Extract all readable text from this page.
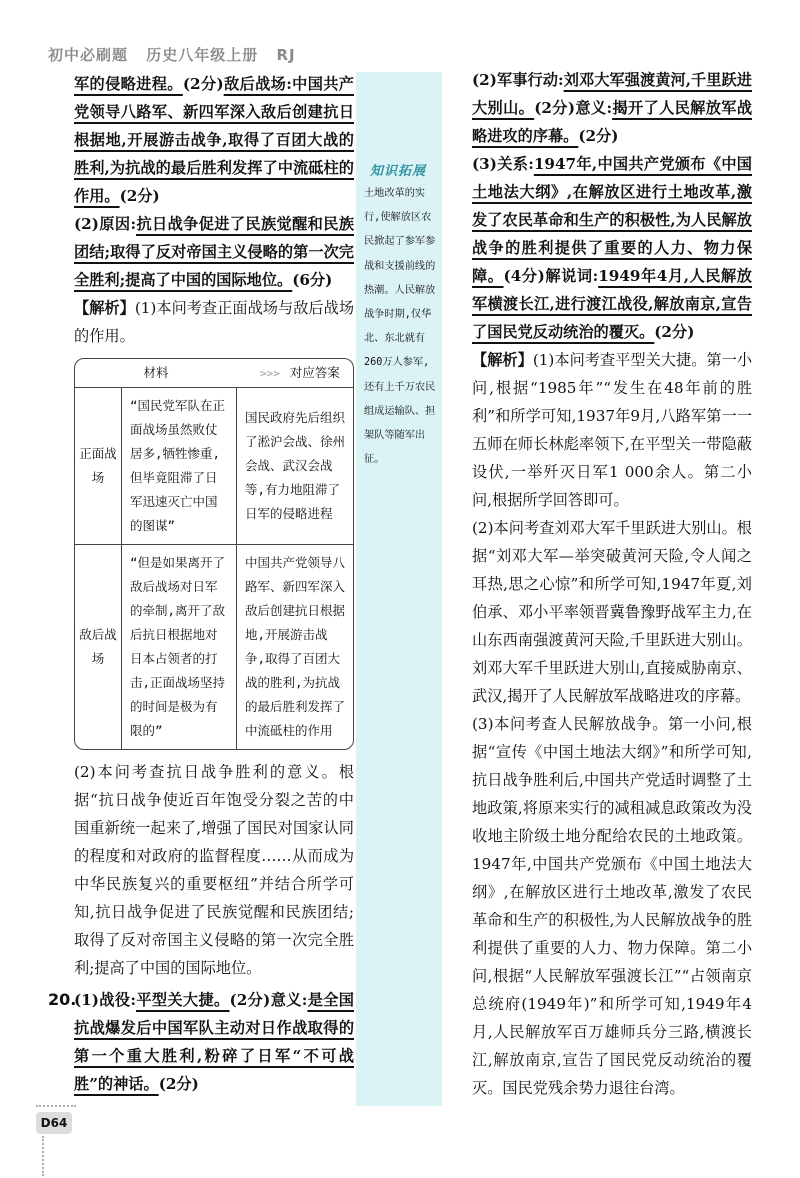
初中必刷题 历史八年级上册 RJ

军的侵略进程。(2分)敌后战场:中国共产党领导八路军、新四军深入敌后创建抗日根据地,开展游击战争,取得了百团大战的胜利,为抗战的最后胜利发挥了中流砥柱的作用。(2分)

(2)原因:抗日战争促进了民族觉醒和民族团结;取得了反对帝国主义侵略的第一次完全胜利;提高了中国的国际地位。(6分)

【解析】(1)本问考查正面战场与敌后战场的作用。

材料		>>> 对应答案
正面战场	“国民党军队在正面战场虽然败仗居多,牺牲惨重,但毕竟阻滞了日军迅速灭亡中国的图谋”	国民政府先后组织了淞沪会战、徐州会战、武汉会战等,有力地阻滞了日军的侵略进程
敌后战场	“但是如果离开了敌后战场对日军的牵制,离开了敌后抗日根据地对日本占领者的打击,正面战场坚持的时间是极为有限的”	中国共产党领导八路军、新四军深入敌后创建抗日根据地,开展游击战争,取得了百团大战的胜利,为抗战的最后胜利发挥了中流砥柱的作用

(2)本问考查抗日战争胜利的意义。根据“抗日战争使近百年饱受分裂之苦的中国重新统一起来了,增强了国民对国家认同的程度和对政府的监督程度……从而成为中华民族复兴的重要枢纽”并结合所学可知,抗日战争促进了民族觉醒和民族团结;取得了反对帝国主义侵略的第一次完全胜利;提高了中国的国际地位。

20.
(1)战役:平型关大捷。(2分)意义:是全国抗战爆发后中国军队主动对日作战取得的第一个重大胜利,粉碎了日军“不可战胜”的神话。(2分)

知识拓展
土地改革的实行,使解放区农民掀起了参军参战和支援前线的热潮。人民解放战争时期,仅华北、东北就有260万人参军,还有上千万农民组成运输队、担架队等随军出征。

(2)军事行动:刘邓大军强渡黄河,千里跃进大别山。(2分)意义:揭开了人民解放军战略进攻的序幕。(2分)

(3)关系:1947年,中国共产党颁布《中国土地法大纲》,在解放区进行土地改革,激发了农民革命和生产的积极性,为人民解放战争的胜利提供了重要的人力、物力保障。(4分)解说词:1949年4月,人民解放军横渡长江,进行渡江战役,解放南京,宣告了国民党反动统治的覆灭。(2分)

【解析】(1)本问考查平型关大捷。第一小问,根据“1985年”“发生在48年前的胜利”和所学可知,1937年9月,八路军第一一五师在师长林彪率领下,在平型关一带隐蔽设伏,一举歼灭日军1 000余人。第二小问,根据所学回答即可。

(2)本问考查刘邓大军千里跃进大别山。根据“刘邓大军—举突破黄河天险,令人闻之耳热,思之心惊”和所学可知,1947年夏,刘伯承、邓小平率领晋冀鲁豫野战军主力,在山东西南强渡黄河天险,千里跃进大别山。刘邓大军千里跃进大别山,直接威胁南京、武汉,揭开了人民解放军战略进攻的序幕。

(3)本问考查人民解放战争。第一小问,根据“宣传《中国土地法大纲》”和所学可知,抗日战争胜利后,中国共产党适时调整了土地政策,将原来实行的减租减息政策改为没收地主阶级土地分配给农民的土地政策。1947年,中国共产党颁布《中国土地法大纲》,在解放区进行土地改革,激发了农民革命和生产的积极性,为人民解放战争的胜利提供了重要的人力、物力保障。第二小问,根据“人民解放军强渡长江”“占领南京总统府(1949年)”和所学可知,1949年4月,人民解放军百万雄师兵分三路,横渡长江,解放南京,宣告了国民党反动统治的覆灭。国民党残余势力退往台湾。

D64
